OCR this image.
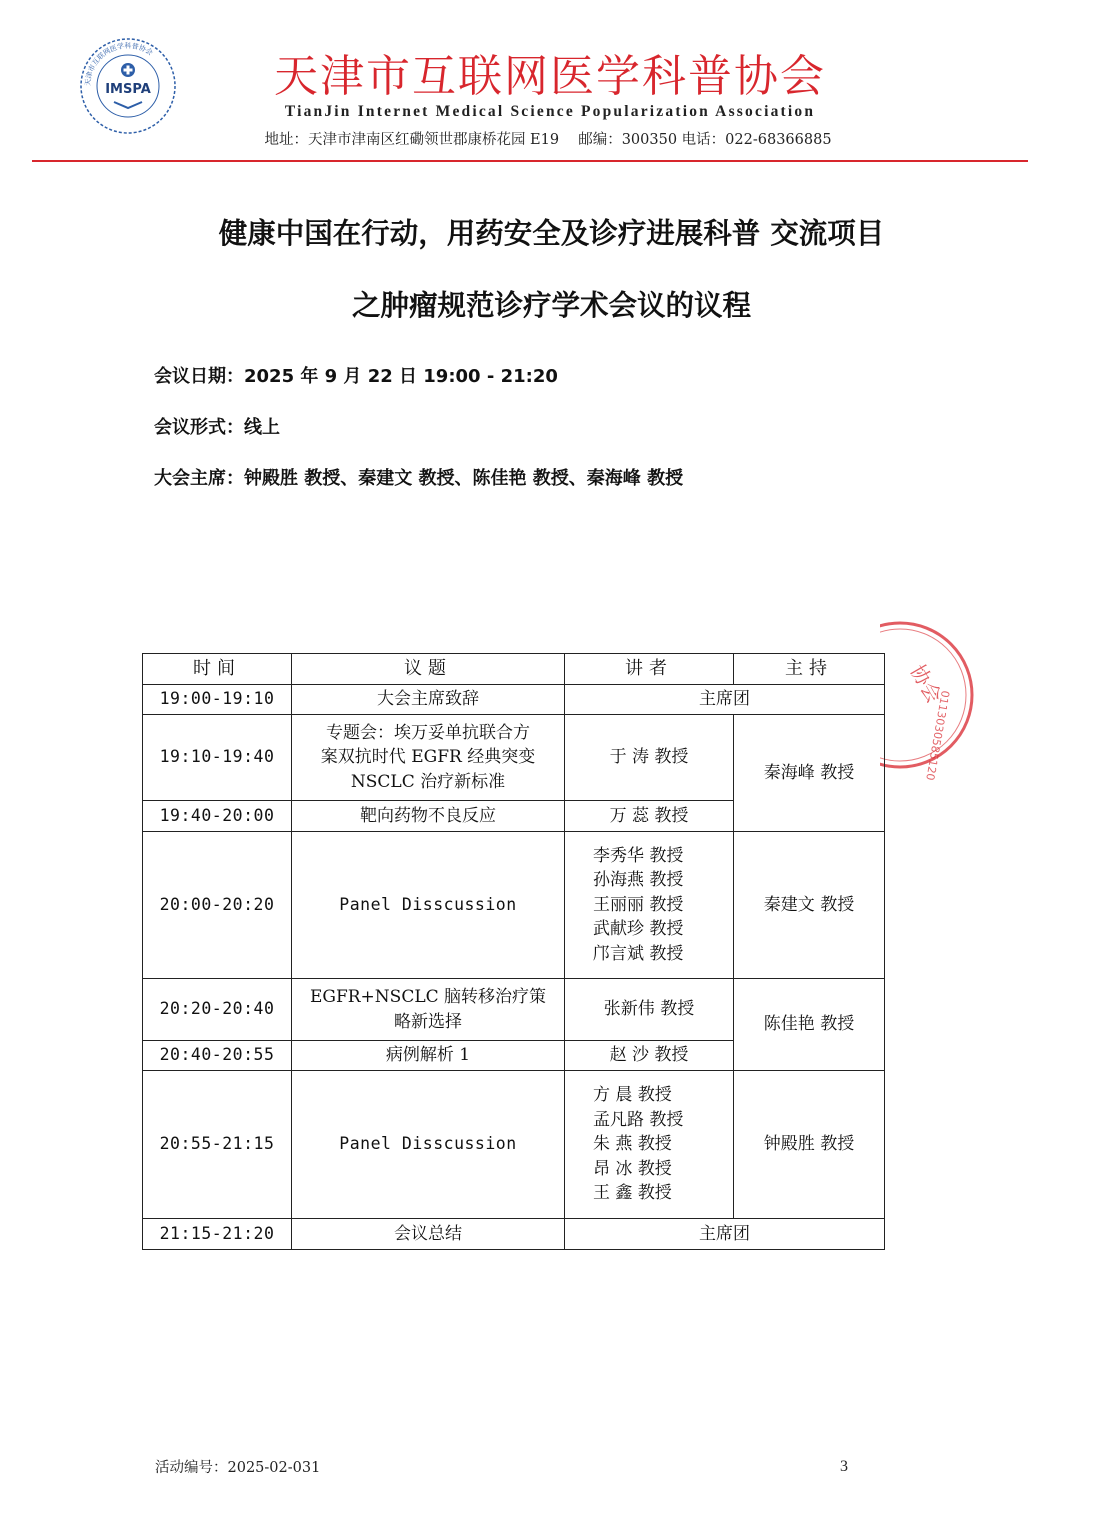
天津市互联网医学科普协会
IMSPA	天津市互联网医学科普协会
TianJin Internet Medical Science Popularization Association
地址：天津市津南区红磡领世郡康桥花园 E19　 邮编：300350 电话：022-68366885
健康中国在行动，用药安全及诊疗进展科普 交流项目
之肿瘤规范诊疗学术会议的议程
会议日期：2025 年 9 月 22 日 19:00 - 21:20
会议形式：线上
大会主席：钟殿胜 教授、秦建文 教授、陈佳艳 教授、秦海峰 教授
协会
0113030585120
时间	议题	讲者	主持
19:00-19:10	大会主席致辞	主席团	
19:10-19:40	专题会：埃万妥单抗联合方
案双抗时代 EGFR 经典突变
NSCLC 治疗新标准	于 涛 教授	秦海峰 教授
19:40-20:00	靶向药物不良反应	万 蕊 教授	
20:00-20:20	Panel Disscussion	李秀华 教授
孙海燕 教授
王丽丽 教授
武献珍 教授
邝言斌 教授	秦建文 教授
20:20-20:40	EGFR+NSCLC 脑转移治疗策
略新选择	张新伟 教授	陈佳艳 教授
20:40-20:55	病例解析 1	赵 沙 教授	
20:55-21:15	Panel Disscussion	方 晨 教授
孟凡路 教授
朱 燕 教授
昂 冰 教授
王 鑫 教授	钟殿胜 教授
21:15-21:20	会议总结	主席团	
活动编号：2025-02-031	3
